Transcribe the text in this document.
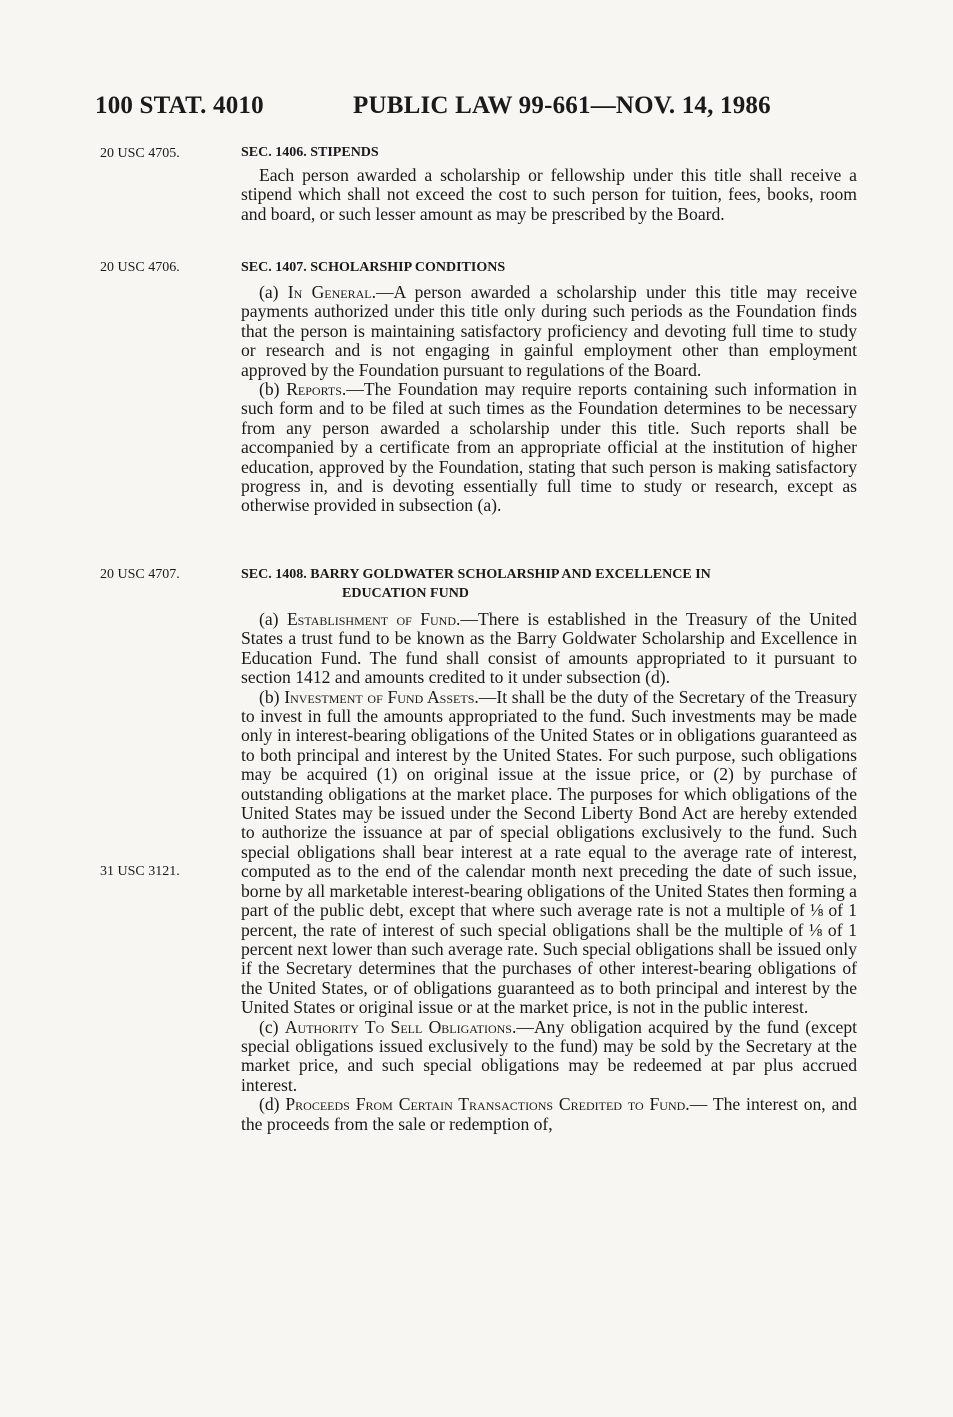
100 STAT. 4010	PUBLIC LAW 99-661—NOV. 14, 1986
20 USC 4705.
20 USC 4706.
20 USC 4707.
31 USC 3121.
SEC. 1406. STIPENDS

Each person awarded a scholarship or fellowship under this title shall receive a stipend which shall not exceed the cost to such person for tuition, fees, books, room and board, or such lesser amount as may be prescribed by the Board.

SEC. 1407. SCHOLARSHIP CONDITIONS

(a) In General.—A person awarded a scholarship under this title may receive payments authorized under this title only during such periods as the Foundation finds that the person is maintaining satisfactory proficiency and devoting full time to study or research and is not engaging in gainful employment other than employment approved by the Foundation pursuant to regulations of the Board.

(b) Reports.—The Foundation may require reports containing such information in such form and to be filed at such times as the Foundation determines to be necessary from any person awarded a scholarship under this title. Such reports shall be accompanied by a certificate from an appropriate official at the institution of higher education, approved by the Foundation, stating that such person is making satisfactory progress in, and is devoting essentially full time to study or research, except as otherwise provided in subsection (a).

SEC. 1408. BARRY GOLDWATER SCHOLARSHIP AND EXCELLENCE IN
EDUCATION FUND

(a) Establishment of Fund.—There is established in the Treasury of the United States a trust fund to be known as the Barry Goldwater Scholarship and Excellence in Education Fund. The fund shall consist of amounts appropriated to it pursuant to section 1412 and amounts credited to it under subsection (d).

(b) Investment of Fund Assets.—It shall be the duty of the Secretary of the Treasury to invest in full the amounts appropriated to the fund. Such investments may be made only in interest-bearing obligations of the United States or in obligations guaranteed as to both principal and interest by the United States. For such purpose, such obligations may be acquired (1) on original issue at the issue price, or (2) by purchase of outstanding obligations at the market place. The purposes for which obligations of the United States may be issued under the Second Liberty Bond Act are hereby extended to authorize the issuance at par of special obligations exclusively to the fund. Such special obligations shall bear interest at a rate equal to the average rate of interest, computed as to the end of the calendar month next preceding the date of such issue, borne by all marketable interest-bearing obligations of the United States then forming a part of the public debt, except that where such average rate is not a multiple of ⅛ of 1 percent, the rate of interest of such special obligations shall be the multiple of ⅛ of 1 percent next lower than such average rate. Such special obligations shall be issued only if the Secretary determines that the purchases of other interest-bearing obligations of the United States, or of obligations guaranteed as to both principal and interest by the United States or original issue or at the market price, is not in the public interest.

(c) Authority To Sell Obligations.—Any obligation acquired by the fund (except special obligations issued exclusively to the fund) may be sold by the Secretary at the market price, and such special obligations may be redeemed at par plus accrued interest.

(d) Proceeds From Certain Transactions Credited to Fund.— The interest on, and the proceeds from the sale or redemption of,
